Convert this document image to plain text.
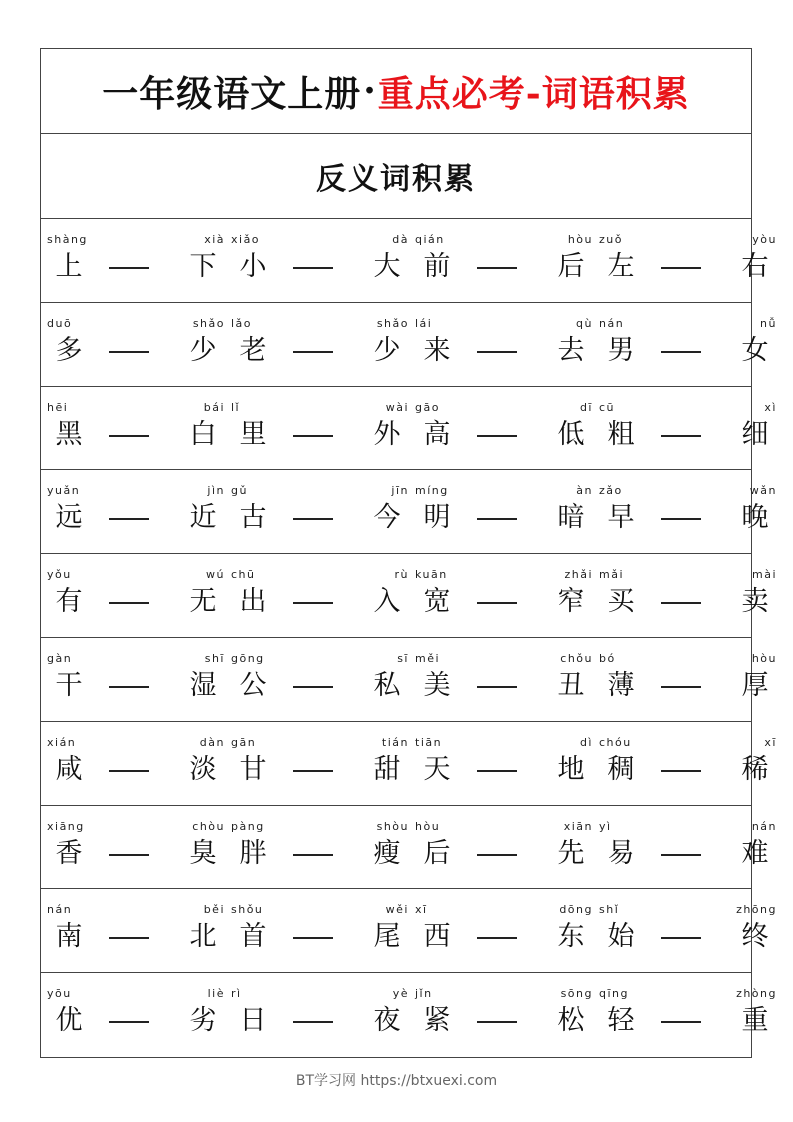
一年级语文上册 · 重点必考-词语积累
反义词积累
shàng
上
xià
下
xiǎo
小
dà
大
qián
前
hòu
后
zuǒ
左
yòu
右
duō
多
shǎo
少
lǎo
老
shǎo
少
lái
来
qù
去
nán
男
nǚ
女
hēi
黑
bái
白
lǐ
里
wài
外
gāo
高
dī
低
cū
粗
xì
细
yuǎn
远
jìn
近
gǔ
古
jīn
今
míng
明
àn
暗
zǎo
早
wǎn
晚
yǒu
有
wú
无
chū
出
rù
入
kuān
宽
zhǎi
窄
mǎi
买
mài
卖
gàn
干
shī
湿
gōng
公
sī
私
měi
美
chǒu
丑
bó
薄
hòu
厚
xián
咸
dàn
淡
gān
甘
tián
甜
tiān
天
dì
地
chóu
稠
xī
稀
xiāng
香
chòu
臭
pàng
胖
shòu
瘦
hòu
后
xiān
先
yì
易
nán
难
nán
南
běi
北
shǒu
首
wěi
尾
xī
西
dōng
东
shǐ
始
zhōng
终
yōu
优
liè
劣
rì
日
yè
夜
jǐn
紧
sōng
松
qīng
轻
zhòng
重
BT学习网 https://btxuexi.com
